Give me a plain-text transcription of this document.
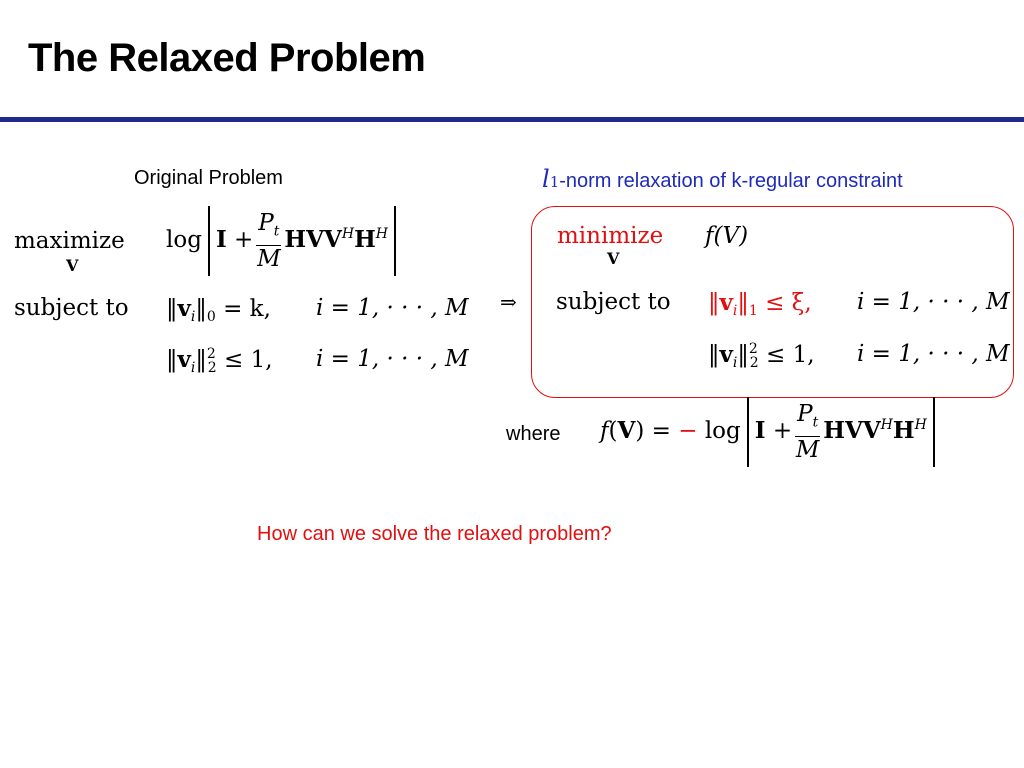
The Relaxed Problem
Original Problem
maximize
V
$\log I + \frac{P_t}{M} HVV^HH^H$
subject to $‖v_i‖_0 = k$, i = 1, · · · , M
$‖v_i‖^2_2 \le 1$, i = 1, · · · , M
⇒
l1-norm relaxation of k-regular constraint
minimize
V
f(V)
subject to $‖v_i‖_1 \le \xi$, i = 1, · · · , M
$‖v_i‖^2_2 \le 1$, i = 1, · · · , M
where f(V) = − $\log I + \frac{P_t}{M} HVV^HH^H$
How can we solve the relaxed problem?
